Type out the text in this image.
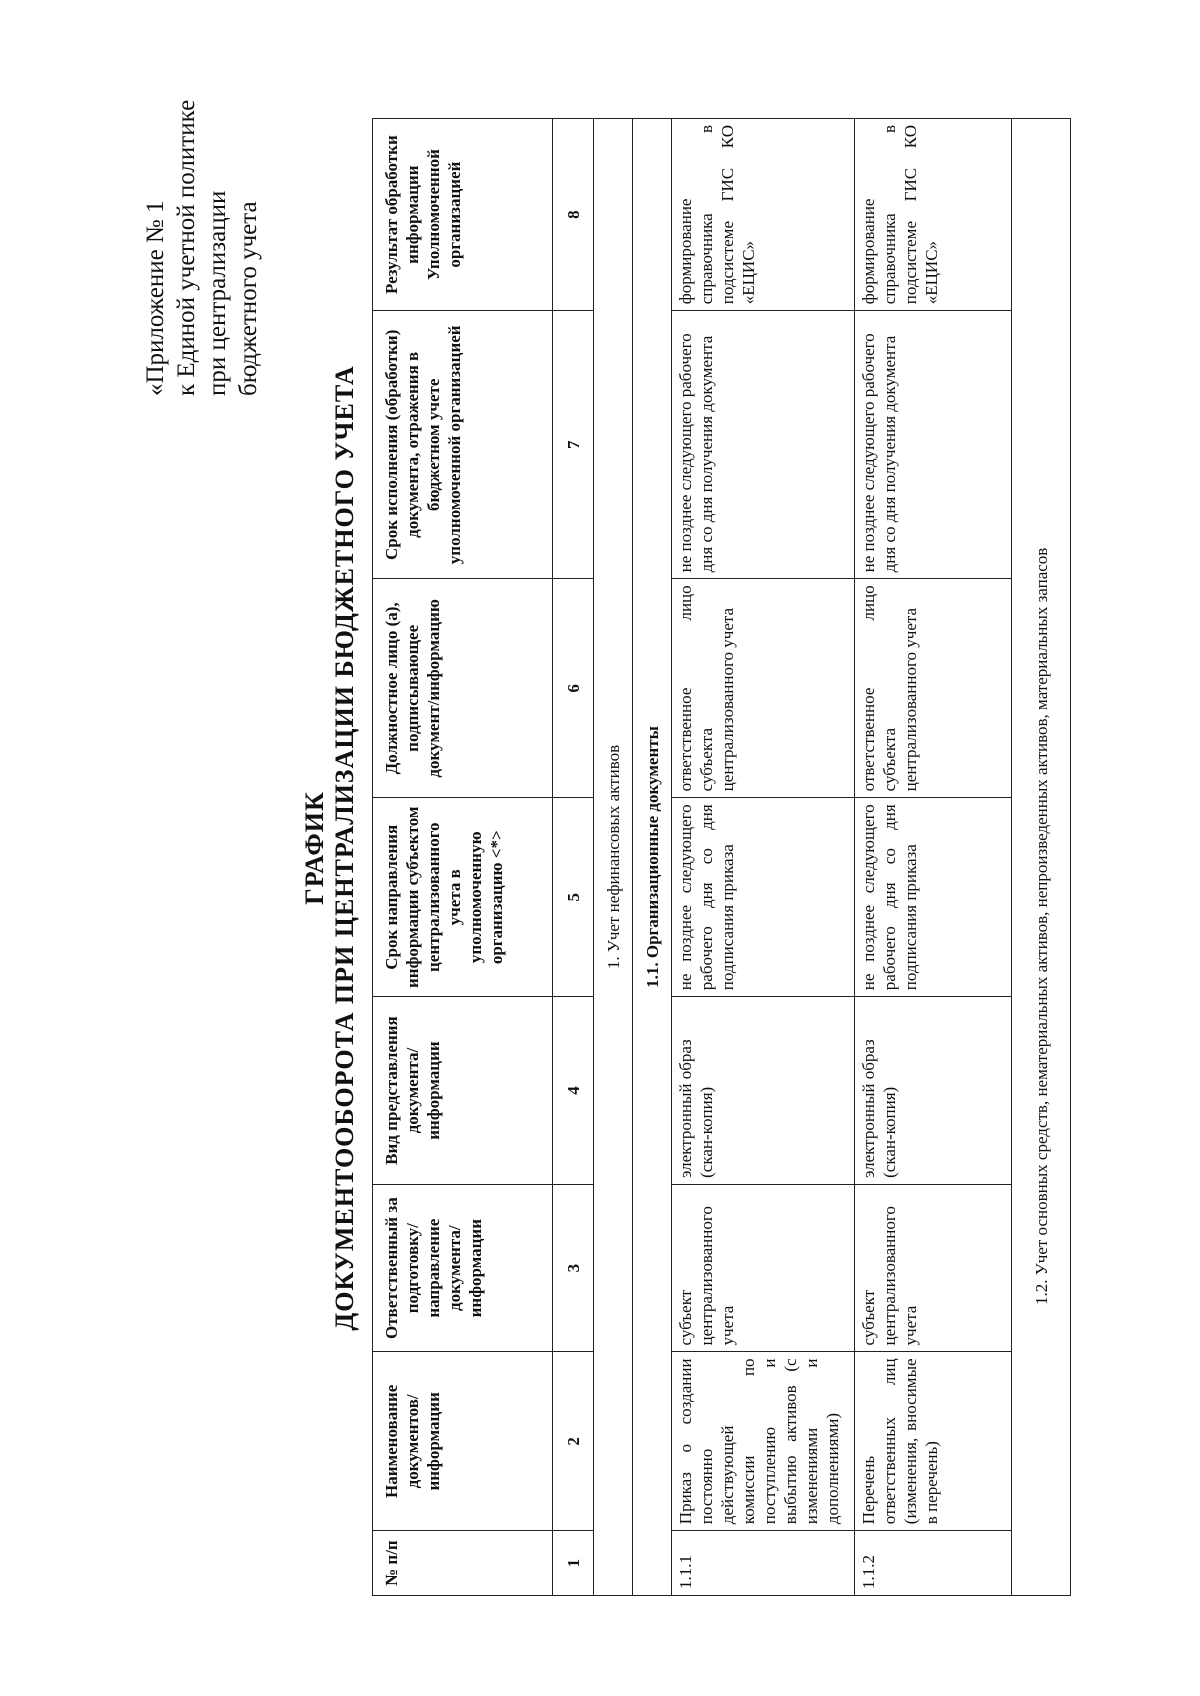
«Приложение № 1 к Единой учетной политике при централизации бюджетного учета
ГРАФИК ДОКУМЕНТООБОРОТА ПРИ ЦЕНТРАЛИЗАЦИИ БЮДЖЕТНОГО УЧЕТА
№ п/п	Наименование документов/информации	Ответственный за подготовку/направление документа/информации	Вид представления документа/информации	Срок направления информации субъектом централизованного учета в уполномоченную организацию <*>	Должностное лицо (а), подписывающее документ/информацию	Срок исполнения (обработки) документа, отражения в бюджетном учете уполномоченной организацией	Результат обработки информации Уполномоченной организацией
1	2	3	4	5	6	7	8
1. Учет нефинансовых активов							
1.1. Организационные документы							
1.1.1	Приказ о создании постоянно действующей комиссии по поступлению и выбытию активов (с изменениями и дополнениями)	субъект централизованного учета	электронный образ (скан-копия)	не позднее следующего рабочего дня со дня подписания приказа	ответственное лицо субъекта централизованного учета	не позднее следующего рабочего дня со дня получения документа	формирование справочника в подсистеме ГИС КО «ЕЦИС»
1.1.2	Перечень ответственных лиц (изменения, вносимые в перечень)	субъект централизованного учета	электронный образ (скан-копия)	не позднее следующего рабочего дня со дня подписания приказа	ответственное лицо субъекта централизованного учета	не позднее следующего рабочего дня со дня получения документа	формирование справочника в подсистеме ГИС КО «ЕЦИС»
1.2. Учет основных средств, нематериальных активов, непроизведенных активов, материальных запасов							
